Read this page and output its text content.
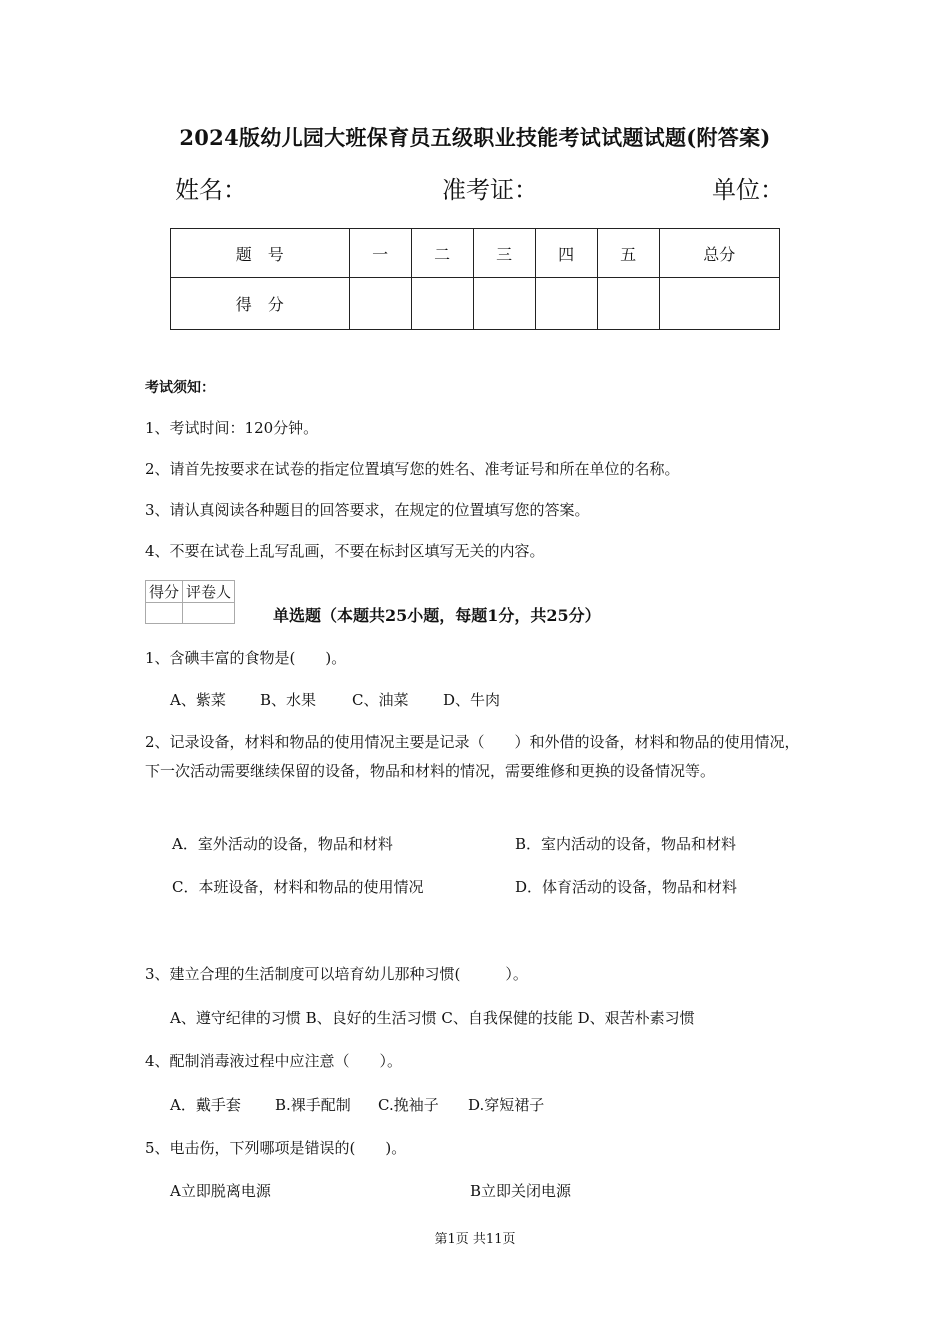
2024版幼儿园大班保育员五级职业技能考试试题试题(附答案)
姓名：	准考证：	单位：
题　号	一	二	三	四	五	总分
得　分						
考试须知：
1、考试时间：120分钟。
2、请首先按要求在试卷的指定位置填写您的姓名、准考证号和所在单位的名称。
3、请认真阅读各种题目的回答要求，在规定的位置填写您的答案。
4、不要在试卷上乱写乱画，不要在标封区填写无关的内容。
得分	评卷人

单选题（本题共25小题，每题1分，共25分）
1、含碘丰富的食物是(　　)。
A、紫菜 B、水果 C、油菜 D、牛肉
2、记录设备，材料和物品的使用情况主要是记录（　　）和外借的设备，材料和物品的使用情况，下一次活动需要继续保留的设备，物品和材料的情况，需要维修和更换的设备情况等。
A．室外活动的设备，物品和材料	B．室内活动的设备，物品和材料
C．本班设备，材料和物品的使用情况	D．体育活动的设备，物品和材料
3、建立合理的生活制度可以培育幼儿那种习惯(　　　）。
A、遵守纪律的习惯 B、良好的生活习惯 C、自我保健的技能 D、艰苦朴素习惯
4、配制消毒液过程中应注意（　　）。
A．戴手套 B.裸手配制 C.挽袖子 D.穿短裙子
5、电击伤，下列哪项是错误的(　　)。
A立即脱离电源	B立即关闭电源
第1页 共11页
